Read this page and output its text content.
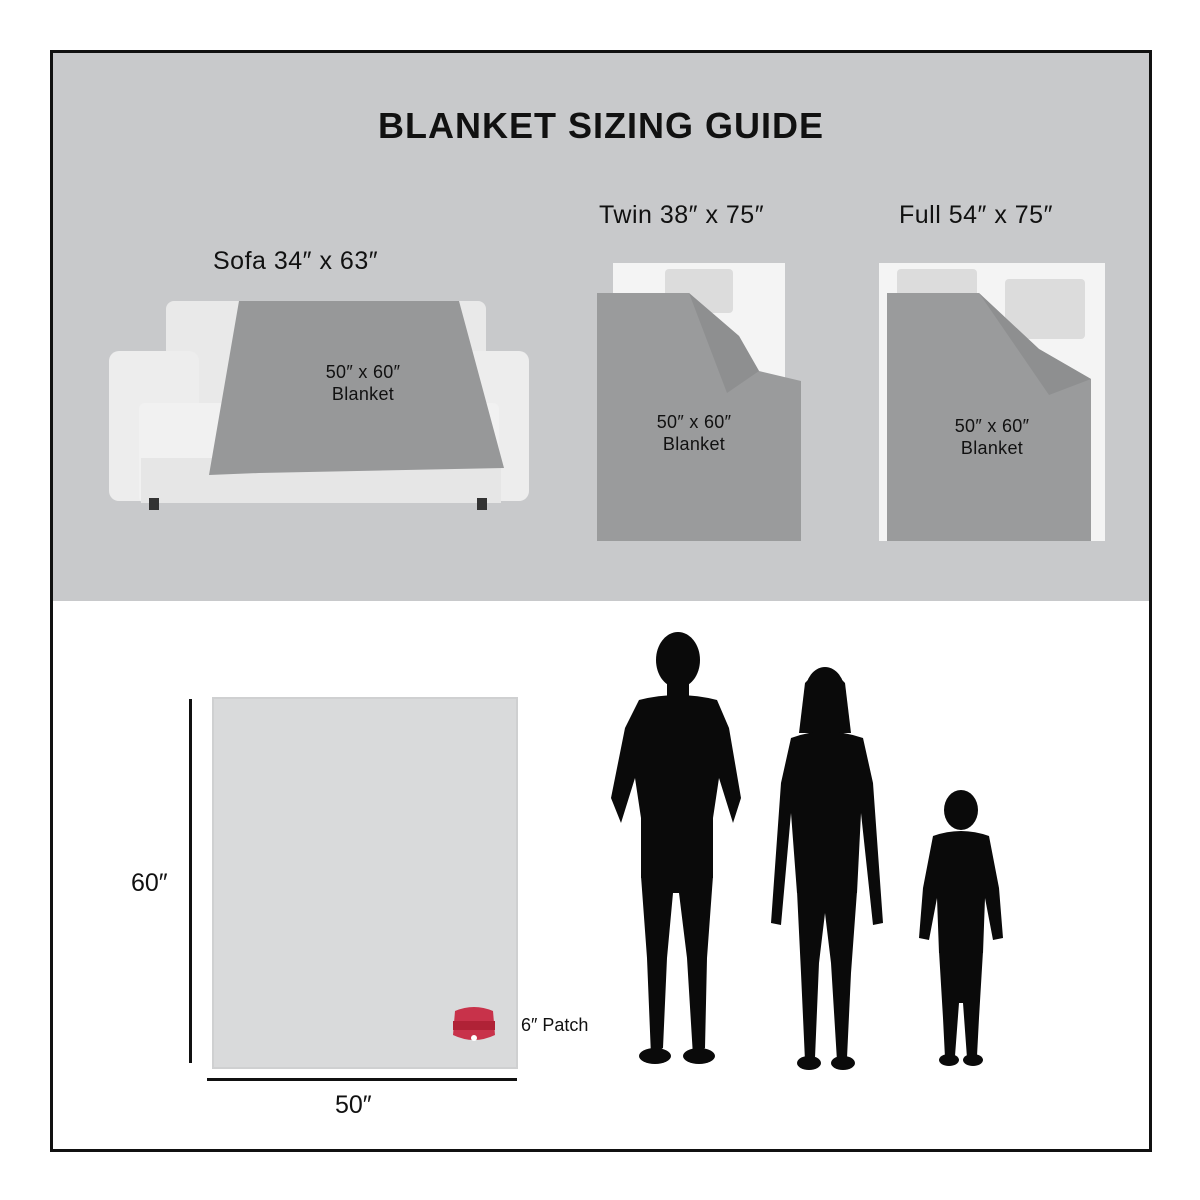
BLANKET SIZING GUIDE
Sofa 34″ x 63″
50″ x 60″
Blanket
Twin 38″ x 75″
50″ x 60″
Blanket
Full 54″ x 75″
50″ x 60″
Blanket
60″
50″
6″ Patch
